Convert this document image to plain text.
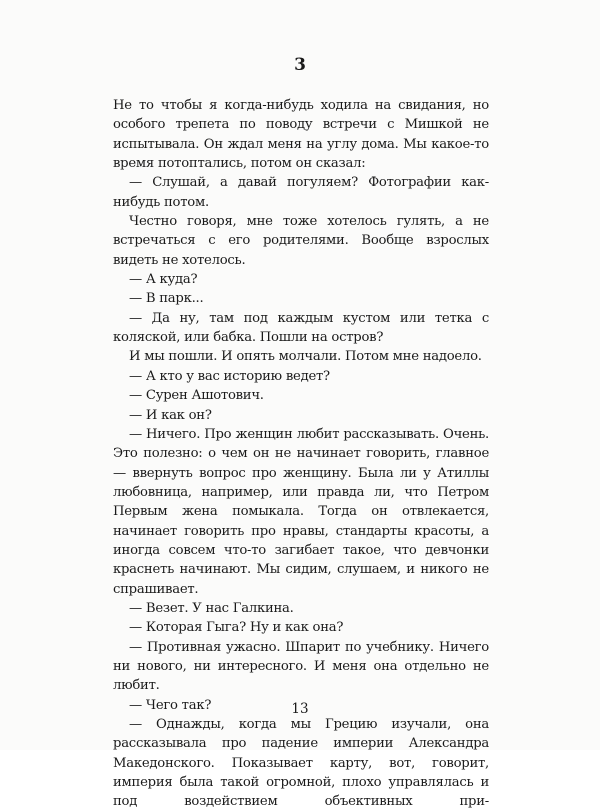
3

Не то чтобы я когда-нибудь ходила на свидания, но особого трепета по поводу встречи с Мишкой не испытывала. Он ждал меня на углу дома. Мы какое-то время потоптались, потом он сказал:

— Слушай, а давай погуляем? Фотографии как-нибудь потом.

Честно говоря, мне тоже хотелось гулять, а не встречаться с его родителями. Вообще взрослых видеть не хотелось.

— А куда?

— В парк...

— Да ну, там под каждым кустом или тетка с коляской, или бабка. Пошли на остров?

И мы пошли. И опять молчали. Потом мне надоело.

— А кто у вас историю ведет?

— Сурен Ашотович.

— И как он?

— Ничего. Про женщин любит рассказывать. Очень. Это полезно: о чем он не начинает говорить, главное — ввернуть вопрос про женщину. Была ли у Атиллы любовница, например, или правда ли, что Петром Первым жена помыкала. Тогда он отвлекается, начинает говорить про нравы, стандарты красоты, а иногда совсем что-то загибает такое, что девчонки краснеть начинают. Мы сидим, слушаем, и никого не спрашивает.

— Везет. У нас Галкина.

— Которая Гыга? Ну и как она?

— Противная ужасно. Шпарит по учебнику. Ничего ни нового, ни интересного. И меня она отдельно не любит.

— Чего так?

— Однажды, когда мы Грецию изучали, она рассказывала про падение империи Александра Македонского. Показывает карту, вот, говорит, империя была такой огромной, плохо управлялась и под воздействием объективных при-

13
